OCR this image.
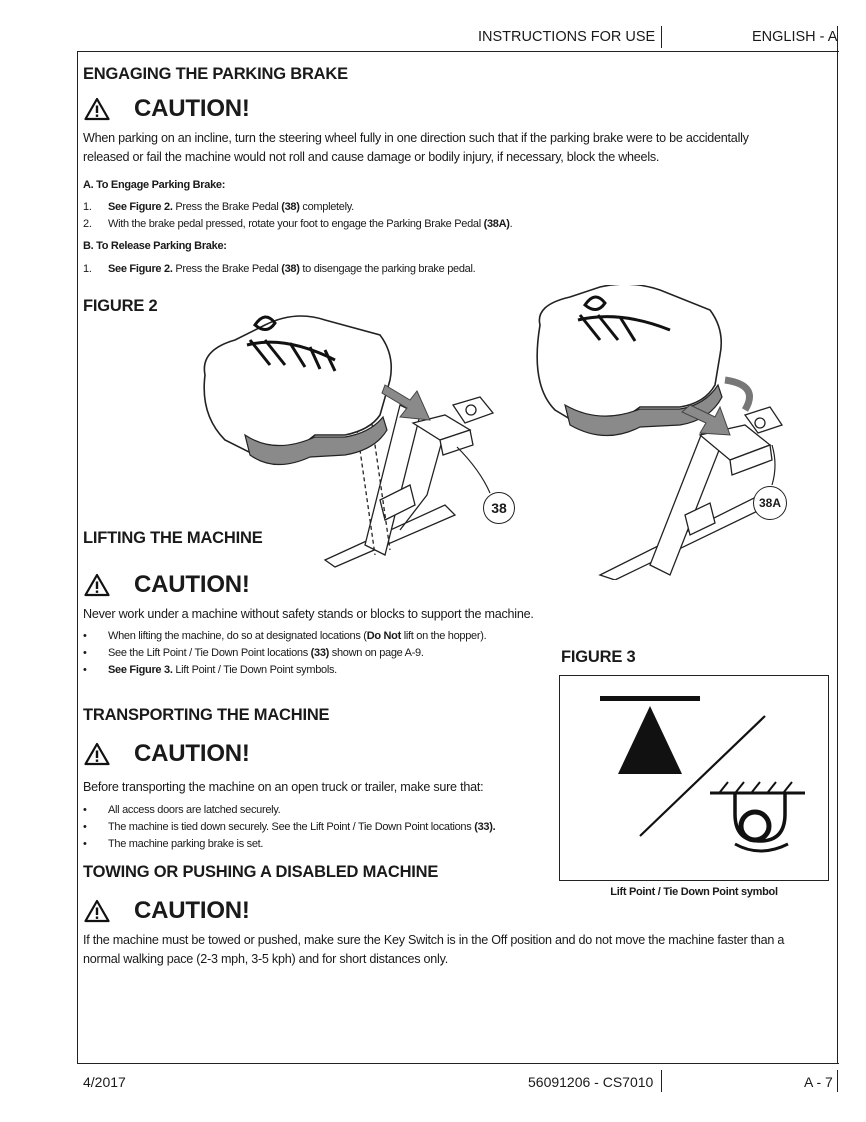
INSTRUCTIONS FOR USE	ENGLISH - A
ENGAGING THE PARKING BRAKE
CAUTION!
When parking on an incline, turn the steering wheel fully in one direction such that if the parking brake were to be accidentally
released or fail the machine would not roll and cause damage or bodily injury, if necessary, block the wheels.
A. To Engage Parking Brake:
1. See Figure 2. Press the Brake Pedal (38) completely.
2. With the brake pedal pressed, rotate your foot to engage the Parking Brake Pedal (38A).
B. To Release Parking Brake:
1. See Figure 2. Press the Brake Pedal (38) to disengage the parking brake pedal.
FIGURE 2
38	38A
LIFTING THE MACHINE
CAUTION!
Never work under a machine without safety stands or blocks to support the machine.
• When lifting the machine, do so at designated locations (Do Not lift on the hopper).
• See the Lift Point / Tie Down Point locations (33) shown on page A-9.
• See Figure 3. Lift Point / Tie Down Point symbols.
FIGURE 3
Lift Point / Tie Down Point symbol
TRANSPORTING THE MACHINE
CAUTION!
Before transporting the machine on an open truck or trailer, make sure that:
• All access doors are latched securely.
• The machine is tied down securely. See the Lift Point / Tie Down Point locations (33).
• The machine parking brake is set.
TOWING OR PUSHING A DISABLED MACHINE
CAUTION!
If the machine must be towed or pushed, make sure the Key Switch is in the Off position and do not move the machine faster than a
normal walking pace (2-3 mph, 3-5 kph) and for short distances only.
4/2017	56091206 - CS7010	A - 7
